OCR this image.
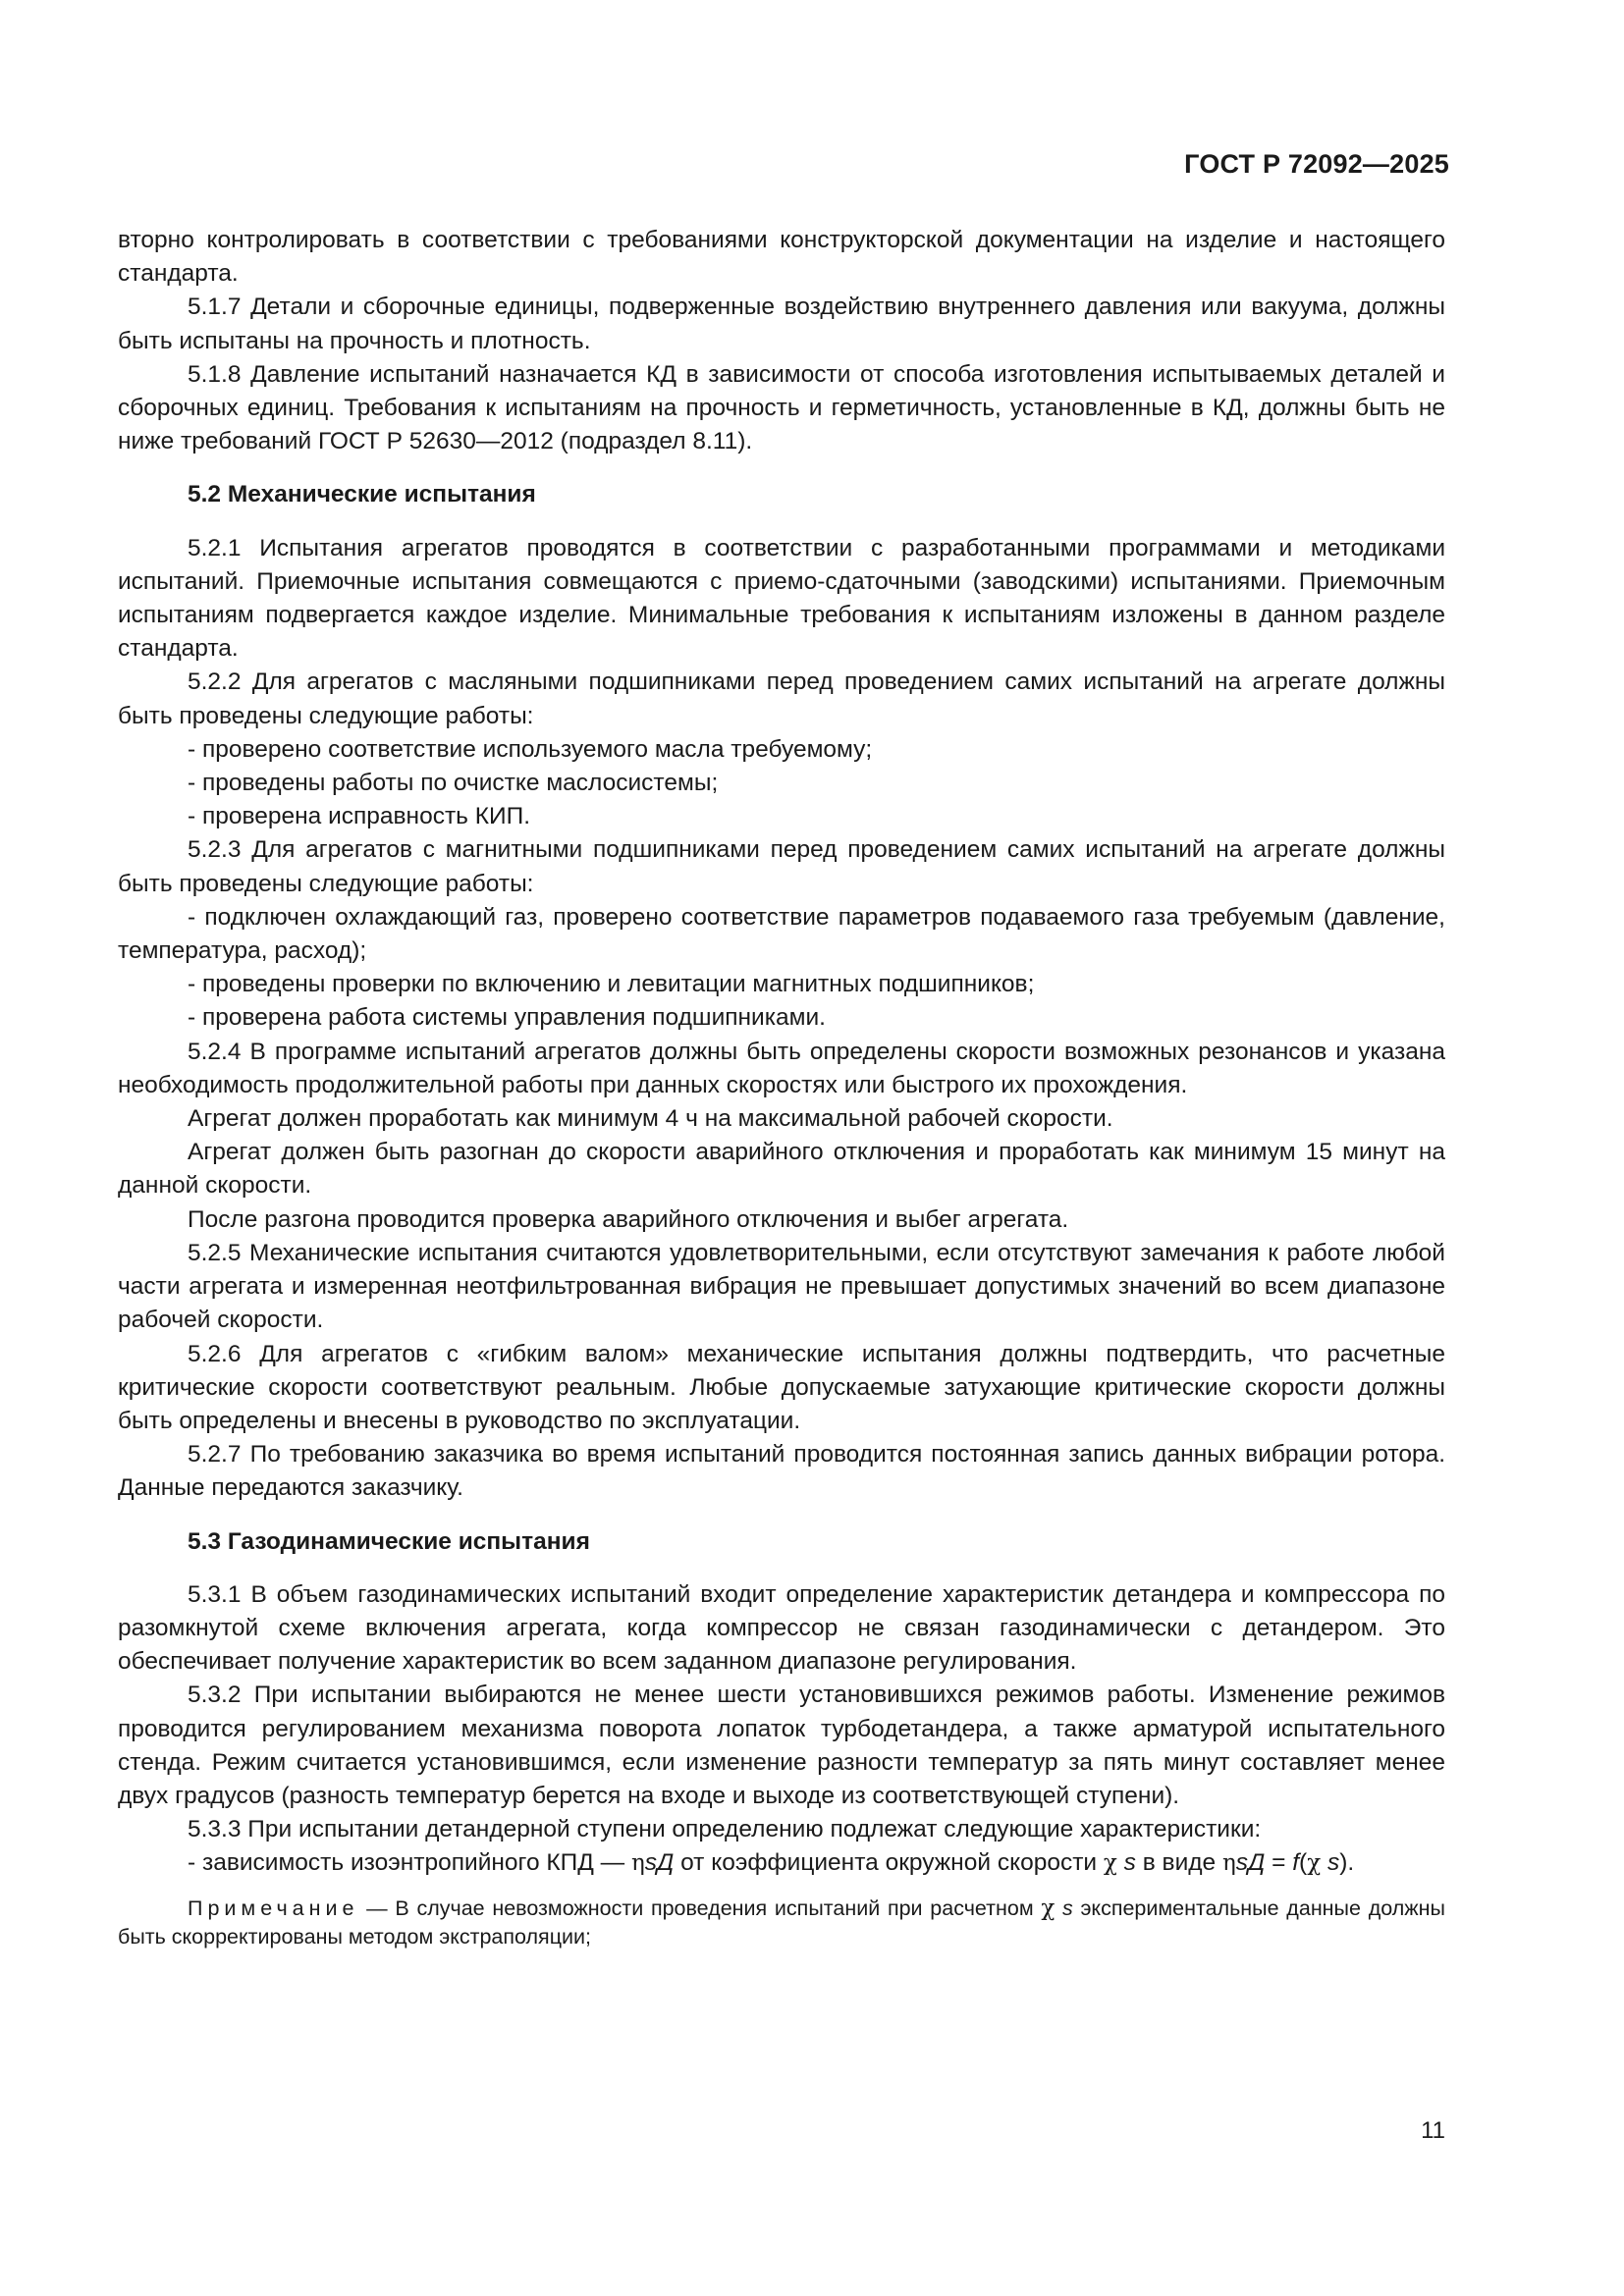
ГОСТ Р 72092—2025

вторно контролировать в соответствии с требованиями конструкторской документации на изделие и настоящего стандарта.

5.1.7 Детали и сборочные единицы, подверженные воздействию внутреннего давления или вакуума, должны быть испытаны на прочность и плотность.

5.1.8 Давление испытаний назначается КД в зависимости от способа изготовления испытываемых деталей и сборочных единиц. Требования к испытаниям на прочность и герметичность, установленные в КД, должны быть не ниже требований ГОСТ Р 52630—2012 (подраздел 8.11).

5.2 Механические испытания

5.2.1 Испытания агрегатов проводятся в соответствии с разработанными программами и методиками испытаний. Приемочные испытания совмещаются с приемо-сдаточными (заводскими) испытаниями. Приемочным испытаниям подвергается каждое изделие. Минимальные требования к испытаниям изложены в данном разделе стандарта.

5.2.2 Для агрегатов с масляными подшипниками перед проведением самих испытаний на агрегате должны быть проведены следующие работы:

- проверено соответствие используемого масла требуемому;

- проведены работы по очистке маслосистемы;

- проверена исправность КИП.

5.2.3 Для агрегатов с магнитными подшипниками перед проведением самих испытаний на агрегате должны быть проведены следующие работы:

- подключен охлаждающий газ, проверено соответствие параметров подаваемого газа требуемым (давление, температура, расход);

- проведены проверки по включению и левитации магнитных подшипников;

- проверена работа системы управления подшипниками.

5.2.4 В программе испытаний агрегатов должны быть определены скорости возможных резонансов и указана необходимость продолжительной работы при данных скоростях или быстрого их прохождения.

Агрегат должен проработать как минимум 4 ч на максимальной рабочей скорости.

Агрегат должен быть разогнан до скорости аварийного отключения и проработать как минимум 15 минут на данной скорости.

После разгона проводится проверка аварийного отключения и выбег агрегата.

5.2.5 Механические испытания считаются удовлетворительными, если отсутствуют замечания к работе любой части агрегата и измеренная неотфильтрованная вибрация не превышает допустимых значений во всем диапазоне рабочей скорости.

5.2.6 Для агрегатов с «гибким валом» механические испытания должны подтвердить, что расчетные критические скорости соответствуют реальным. Любые допускаемые затухающие критические скорости должны быть определены и внесены в руководство по эксплуатации.

5.2.7 По требованию заказчика во время испытаний проводится постоянная запись данных вибрации ротора. Данные передаются заказчику.

5.3 Газодинамические испытания

5.3.1 В объем газодинамических испытаний входит определение характеристик детандера и компрессора по разомкнутой схеме включения агрегата, когда компрессор не связан газодинамически с детандером. Это обеспечивает получение характеристик во всем заданном диапазоне регулирования.

5.3.2 При испытании выбираются не менее шести установившихся режимов работы. Изменение режимов проводится регулированием механизма поворота лопаток турбодетандера, а также арматурой испытательного стенда. Режим считается установившимся, если изменение разности температур за пять минут составляет менее двух градусов (разность температур берется на входе и выходе из соответствующей ступени).

5.3.3 При испытании детандерной ступени определению подлежат следующие характеристики:

- зависимость изоэнтропийного КПД — ηsД от коэффициента окружной скорости χ s в виде ηsД = f(χ s).

Примечание — В случае невозможности проведения испытаний при расчетном χ s экспериментальные данные должны быть скорректированы методом экстраполяции;

11
